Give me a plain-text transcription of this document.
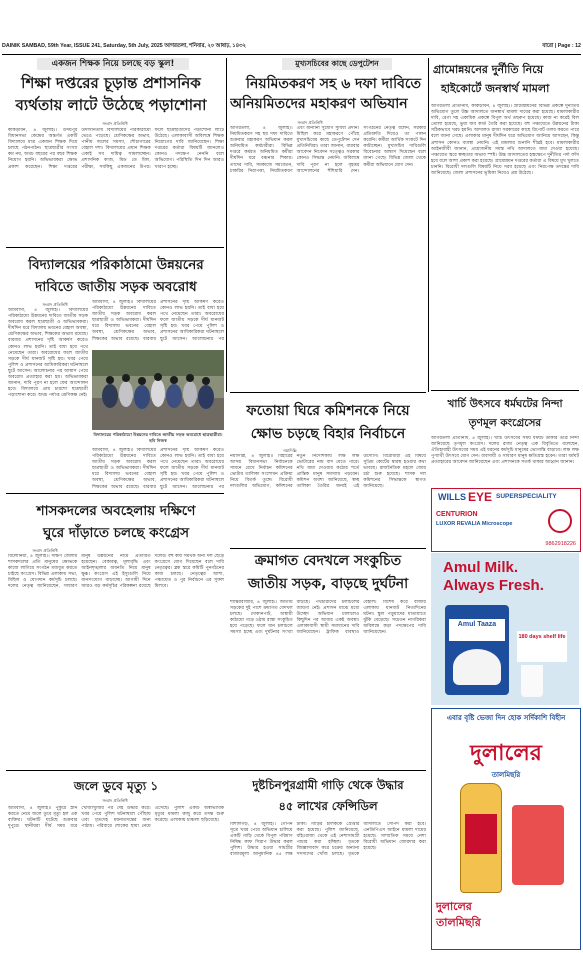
DAINIK SAMBAD, 59th Year, ISSUE 241, Saturday, 5th July, 2025 আগরতলা, শনিবার, ২০ আষাঢ়, ১৪৩২	বারো | Page : 12
একজন শিক্ষক নিয়ে চলছে বড় স্কুল!
শিক্ষা দপ্তরের চূড়ান্ত প্রশাসনিক
ব্যর্থতায় লাটে উঠেছে পড়াশোনা
সংবাদ প্রতিনিধি
কাকড়াবন, ৪ জুলাই।। উদয়পুর বিধানসভা কেন্দ্রের অন্তর্গত একটি বিদ্যালয়ে মাত্র একজন শিক্ষক দিয়ে চলছে পঠনপাঠন। ছাত্রছাত্রীর সংখ্যা কম নয়, অথচ বছরের পর বছর শিক্ষক নিয়োগ হয়নি। অভিভাবকরা ক্ষোভ প্রকাশ করেছেন। শিক্ষা দপ্তরের উদাসীনতায় বিদ্যালয়ের পরিকাঠামো ভেঙে পড়েছে। শ্রেণিকক্ষের অভাব, পানীয় জলের সমস্যা, শৌচাগারের বেহাল দশা। বিদ্যালয়ের প্রধান শিক্ষক একাই সব দায়িত্ব সামলাচ্ছেন। প্রশাসনিক কাজ, মিড ডে মিল, পরীক্ষা, সবকিছু একজনের উপর। ফলে ছাত্রছাত্রীদের পড়াশোনা লাটে উঠেছে। এলাকাবাসী অবিলম্বে শিক্ষক নিয়োগের দাবি জানিয়েছেন। শিক্ষা দপ্তরের কর্তারা বিষয়টি জানলেও কোনও পদক্ষেপ নেননি বলে অভিযোগ। পরিস্থিতি দিন দিন আরও খারাপ হচ্ছে।
মুখ্যসচিবের কাছে ডেপুটেশন
নিয়মিতকরণ সহ ৬ দফা দাবিতে
অনিয়মিতদের মহাকরণ অভিযান
সংবাদ প্রতিনিধি
আগরতলা, ৪ জুলাই।। নিয়মিতকরণ সহ ছয় দফা দাবিতে শুক্রবার মহাকরণ অভিযান করল অনিয়মিত কর্মচারীরা। বিভিন্ন দপ্তরে কর্মরত অনিয়মিত কর্মীরা দীর্ঘদিন ধরে বঞ্চনার শিকার। তাদের দাবি, সমকাজে সমবেতন, চাকরির নিরাপত্তা, নিয়মিতকরণ এবং অন্যান্য সুযোগ সুবিধা প্রদান। মিছিল করে মহাকরণে পৌঁছে মুখ্যসচিবের কাছে ডেপুটেশন দেন প্রতিনিধিরা। তারা জানান, বারবার আবেদন নিবেদন সত্ত্বেও সরকার কোনও সিদ্ধান্ত নেয়নি। অবিলম্বে দাবি পূরণ না হলে বৃহত্তর আন্দোলনের হুঁশিয়ারি দেন। সংগঠনের নেতৃত্ব বলেন, সরকার প্রতিশ্রুতি দিয়েও তা পালন করেনি। কর্মীরা আর্থিক সংকটে দিন কাটাচ্ছেন। মুখ্যসচিব দাবিগুলি বিবেচনার আশ্বাস দিয়েছেন বলে জানা গেছে। বিভিন্ন জেলা থেকে কর্মীরা অভিযানে যোগ দেন।
গ্রামোন্নয়নের দুর্নীতি নিয়ে
হাইকোর্টে জনস্বার্থ মামলা
আগরতলা প্রতিনিধি, কাকড়াবন, ৪ জুলাই।। গ্রামোন্নয়নের বিভিন্ন প্রকল্পে দুর্নীতির অভিযোগ তুলে উচ্চ আদালতে জনস্বার্থ মামলা দায়ের করা হয়েছে। মামলাকারীর দাবি, রেগা সহ একাধিক প্রকল্পে বিপুল অর্থ তছরুপ হয়েছে। কাজ না করেই বিল তোলা হয়েছে, ভুয়া জব কার্ড তৈরি করা হয়েছে। বহু পঞ্চায়েতে উন্নয়নের টাকা সঠিকভাবে খরচ হয়নি। আদালত রাজ্য সরকারের কাছে রিপোর্ট তলব করতে পারে বলে জানা গেছে। এলাকার মানুষ দীর্ঘদিন ধরে অভিযোগ জানিয়ে আসছেন, কিন্তু প্রশাসন কোনও ব্যবস্থা নেয়নি। এই মামলার শুনানি শীঘ্রই হবে। মামলাকারীর আইনজীবী জানান, প্রয়োজনীয় সমস্ত নথি আদালতে জমা দেওয়া হয়েছে। পঞ্চায়েত স্তরে স্বচ্ছতার অভাব স্পষ্ট। উচ্চ আদালতের হস্তক্ষেপে দুর্নীতির পর্দা ফাঁস হবে বলে আশা প্রকাশ করা হয়েছে। গ্রামোন্নয়ন দপ্তরের কর্তারা এ বিষয়ে মুখ খুলতে চাননি। বিরোধী দলগুলি বিষয়টি নিয়ে সরব হয়েছে এবং নিরপেক্ষ তদন্তের দাবি জানিয়েছে। জেলা প্রশাসনের ভূমিকা নিয়েও প্রশ্ন উঠেছে।
বিদ্যালয়ের পরিকাঠামো উন্নয়নের
দাবিতে জাতীয় সড়ক অবরোধ
সংবাদ প্রতিনিধি
আমবাসা, ৪ জুলাই।। বিদ্যালয়ের পরিকাঠামো উন্নয়নের দাবিতে জাতীয় সড়ক অবরোধ করল ছাত্রছাত্রী ও অভিভাবকরা। দীর্ঘদিন ধরে বিদ্যালয় ভবনের বেহাল অবস্থা, শ্রেণিকক্ষের অভাব, শিক্ষকের অভাব রয়েছে। বারবার প্রশাসনের দৃষ্টি আকর্ষণ করেও কোনও লাভ হয়নি। তাই বাধ্য হয়ে পথে নেমেছেন তারা। অবরোধের ফলে জাতীয় সড়কে দীর্ঘ যানজট সৃষ্টি হয়। খবর পেয়ে পুলিশ ও প্রশাসনের আধিকারিকরা ঘটনাস্থলে ছুটে আসেন। আলোচনার পর আশ্বাস পেয়ে অবরোধ প্রত্যাহার করা হয়। অভিভাবকরা জানান, দাবি পূরণ না হলে ফের আন্দোলন হবে। বিদ্যালয়ে প্রায় চারশো ছাত্রছাত্রী পড়াশোনা করে। অথচ পর্যাপ্ত শ্রেণিকক্ষ নেই।
আমবাসা, ৪ জুলাই।। বিদ্যালয়ের পরিকাঠামো উন্নয়নের দাবিতে জাতীয় সড়ক অবরোধ করল ছাত্রছাত্রী ও অভিভাবকরা। দীর্ঘদিন ধরে বিদ্যালয় ভবনের বেহাল অবস্থা, শ্রেণিকক্ষের অভাব, শিক্ষকের অভাব রয়েছে। বারবার প্রশাসনের দৃষ্টি আকর্ষণ করেও কোনও লাভ হয়নি। তাই বাধ্য হয়ে পথে নেমেছেন তারা। অবরোধের ফলে জাতীয় সড়কে দীর্ঘ যানজট সৃষ্টি হয়। খবর পেয়ে পুলিশ ও প্রশাসনের আধিকারিকরা ঘটনাস্থলে ছুটে আসেন। আলোচনার পর
বিদ্যালয়ের পরিকাঠামো উন্নয়নের দাবিতে জাতীয় সড়ক অবরোধে ছাত্রছাত্রীরা। ছবি নিজস্ব
আমবাসা, ৪ জুলাই।। বিদ্যালয়ের পরিকাঠামো উন্নয়নের দাবিতে জাতীয় সড়ক অবরোধ করল ছাত্রছাত্রী ও অভিভাবকরা। দীর্ঘদিন ধরে বিদ্যালয় ভবনের বেহাল অবস্থা, শ্রেণিকক্ষের অভাব, শিক্ষকের অভাব রয়েছে। বারবার প্রশাসনের দৃষ্টি আকর্ষণ করেও কোনও লাভ হয়নি। তাই বাধ্য হয়ে পথে নেমেছেন তারা। অবরোধের ফলে জাতীয় সড়কে দীর্ঘ যানজট সৃষ্টি হয়। খবর পেয়ে পুলিশ ও প্রশাসনের আধিকারিকরা ঘটনাস্থলে ছুটে আসেন। আলোচনার পর
ফতোয়া ঘিরে কমিশনকে নিয়ে
ক্ষোভ চড়ছে বিহার নির্বাচনে
নয়াদিল্লি
নয়াদিল্লি, ৪ জুলাই।। বিহারের আসন্ন বিধানসভা নির্বাচনকে সামনে রেখে নির্বাচন কমিশনের ভোটার তালিকা সংশোধন প্রক্রিয়া নিয়ে বিতর্ক তুঙ্গে। বিরোধী দলগুলির অভিযোগ, কমিশনের নতুন নির্দেশিকায় লক্ষ লক্ষ ভোটারের নাম বাদ যেতে পারে। নথি জমা দেওয়ার কঠোর শর্তে প্রান্তিক মানুষ সমস্যায় পড়বেন। কমিশন অবশ্য জানিয়েছে, স্বচ্ছ তালিকা তৈরির জন্যই এই উদ্যোগ। বিরোধীরা এই বিষয়ে সুপ্রিম কোর্টের দ্বারস্থ হওয়ার কথা ভাবছে। রাজনৈতিক মহলে জোর চর্চা শুরু হয়েছে। শাসক দল কমিশনের সিদ্ধান্তকে স্বাগত জানিয়েছে।
খার্চি উৎসবে ধর্মঘটের নিন্দা
তৃণমূল কংগ্রেসের
আগরতলা প্রতিনিধি, ৪ জুলাই।। খার্চি উৎসবের সময় ধর্মঘট ডাকার তীব্র নিন্দা জানিয়েছে তৃণমূল কংগ্রেস। দলের রাজ্য নেতৃত্ব এক বিবৃতিতে বলেছেন, ঐতিহ্যবাহী উৎসবের সময় এই ধরনের কর্মসূচি মানুষের ভোগান্তি বাড়াবে। লক্ষ লক্ষ পুণ্যার্থী উৎসবে যোগ দেন। ব্যবসায়ী ও সাধারণ মানুষ ক্ষতিগ্রস্ত হবেন। তারা ধর্মঘট প্রত্যাহারের আবেদন জানিয়েছেন এবং প্রশাসনকে সতর্ক থাকার আহ্বান জানান।
WILLS EYE SUPERSPECIALITY
CENTURION
LUXOR REVALIA Microscope
9862918226
শাসকদলের অবহেলায় দক্ষিণে
ঘুরে দাঁড়াতে চলছে কংগ্রেস
সংবাদ প্রতিনিধি
বিলোনিয়া, ৪ জুলাই।। দক্ষিণ জেলায় শাসকদলের প্রতি মানুষের ক্ষোভকে কাজে লাগিয়ে সংগঠন মজবুত করতে চাইছে কংগ্রেস। বিভিন্ন এলাকায় সভা, মিছিল ও যোগদান কর্মসূচি চলছে। দলের নেতৃত্ব জানিয়েছেন, সাধারণ মানুষ উন্নয়নের নামে প্রতারিত হয়েছেন। বেকারত্ব, মূল্যবৃদ্ধি এবং আইনশৃঙ্খলার অবনতি নিয়ে মানুষ ক্ষুব্ধ। কংগ্রেস এই ইস্যুগুলি নিয়ে জনসংযোগ বাড়াচ্ছে। আগামী দিনে আরও বড় কর্মসূচির পরিকল্পনা রয়েছে দলের। বহু কর্মী সমর্থক অন্য দল ছেড়ে কংগ্রেসে যোগ দিয়েছেন বলে দাবি নেতৃত্বের। ব্লক স্তরে কমিটি পুনর্গঠনের কাজ চলছে। নেতৃত্বের আশা, পঞ্চায়েত ও পুর নির্বাচনে এর সুফল মিলবে।
ক্রমাগত বেদখলে সংকুচিত
জাতীয় সড়ক, বাড়ছে দুর্ঘটনা
শান্তিরবাজার, ৪ জুলাই।। জাতীয় সড়কের দুই পাশে ক্রমাগত বেদখল চলছে। দোকানপাট, অস্থায়ী কাঠামো গড়ে ওঠায় রাস্তা সংকুচিত হয়ে পড়েছে। ফলে যান চলাচলে সমস্যা হচ্ছে এবং দুর্ঘটনার সংখ্যা বাড়ছে। পথচারীদের চলাচলের জায়গা নেই। প্রশাসন মাঝে মধ্যে উচ্ছেদ অভিযান চালালেও কিছুদিন পর আবার একই অবস্থা। এলাকাবাসী স্থায়ী সমাধানের দাবি জানিয়েছেন। ট্রাফিক ব্যবস্থাও বেহাল। বিশেষ করে বাজার এলাকায় যানজট নিত্যদিনের ঘটনা। স্কুল পড়ুয়াদের যাতায়াতে ঝুঁকি বেড়েছে। সচেতন নাগরিকরা অবিলম্বে কড়া পদক্ষেপের দাবি জানিয়েছেন।
Amul Milk.
Always Fresh.
Amul Taaza
180 days shelf life
জলে ডুবে মৃত্যু ১
সংবাদ প্রতিনিধি
আমবাসা, ৪ জুলাই।। পুকুরে স্নান করতে নেমে জলে ডুবে মৃত্যু হল এক ব্যক্তির। ঘটনাটি ঘটেছে শুক্রবার দুপুরে। স্থানীয়রা দীর্ঘ সময় ধরে খোঁজাখুঁজির পর দেহ উদ্ধার করে। খবর পেয়ে পুলিশ ঘটনাস্থলে পৌঁছায় এবং মৃতদেহ ময়নাতদন্তের জন্য পাঠায়। পরিবারে শোকের ছায়া নেমে এসেছে। পুলিশ একটি অস্বাভাবিক মৃত্যুর মামলা রুজু করে তদন্ত শুরু করেছে। এলাকায় চাঞ্চল্য ছড়িয়েছে।
দুষ্টচিনপুরগ্রামী গাড়ি থেকে উদ্ধার
৪৫ লাখের ফেন্সিডিল
বিশালগড়, ৪ জুলাই।। গোপন সূত্রে খবর পেয়ে অভিযান চালিয়ে একটি গাড়ি থেকে বিপুল পরিমাণ নিষিদ্ধ কাফ সিরাপ উদ্ধার করল পুলিশ। উদ্ধার হওয়া সামগ্রীর বাজারমূল্য আনুমানিক ৪৫ লক্ষ টাকা। গাড়ির চালককে গ্রেপ্তার করা হয়েছে। পুলিশ জানিয়েছে, বহিঃরাজ্য থেকে এই নেশাসামগ্রী পাচার করা হচ্ছিল। ধৃতকে জিজ্ঞাসাবাদ করে চক্রের অন্যান্য সদস্যদের খোঁজ চলছে। ধৃতকে আদালতে সোপর্দ করা হবে। এনডিপিএস আইনে মামলা দায়ের হয়েছে। সাম্প্রতিক সময়ে নেশা বিরোধী অভিযান জোরদার করা হয়েছে।
এবার বৃষ্টি ভেজা দিন হোক সর্দিকাশি বিহীন
দুলালের
তালমিছরি
দুলালের তালমিছরি
